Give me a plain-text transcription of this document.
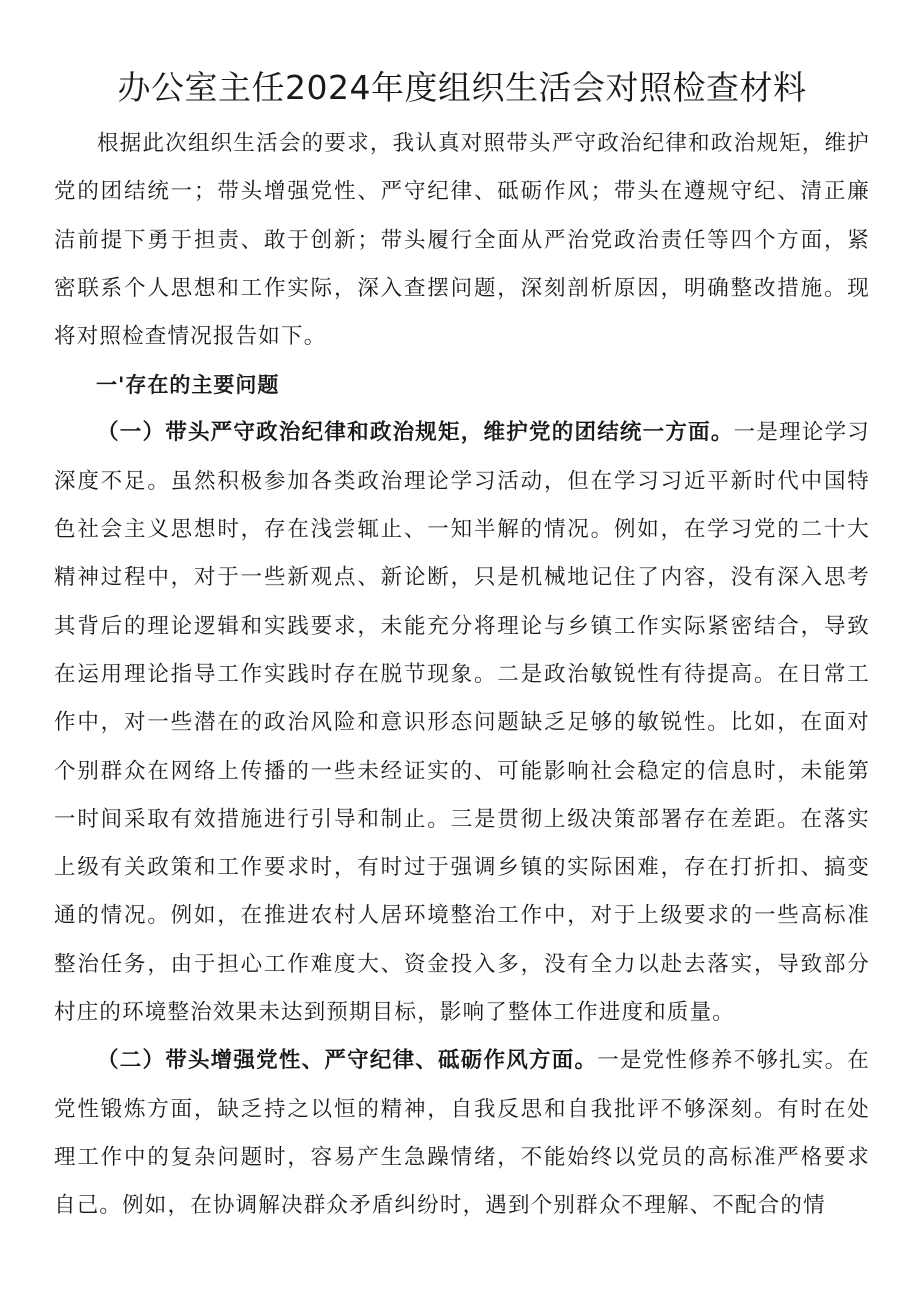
办公室主任2024年度组织生活会对照检查材料

根据此次组织生活会的要求，我认真对照带头严守政治纪律和政治规矩，维护党的团结统一；带头增强党性、严守纪律、砥砺作风；带头在遵规守纪、清正廉洁前提下勇于担责、敢于创新；带头履行全面从严治党政治责任等四个方面，紧密联系个人思想和工作实际，深入查摆问题，深刻剖析原因，明确整改措施。现将对照检查情况报告如下。

一'存在的主要问题

（一）带头严守政治纪律和政治规矩，维护党的团结统一方面。一是理论学习深度不足。虽然积极参加各类政治理论学习活动，但在学习习近平新时代中国特色社会主义思想时，存在浅尝辄止、一知半解的情况。例如，在学习党的二十大精神过程中，对于一些新观点、新论断，只是机械地记住了内容，没有深入思考其背后的理论逻辑和实践要求，未能充分将理论与乡镇工作实际紧密结合，导致在运用理论指导工作实践时存在脱节现象。二是政治敏锐性有待提高。在日常工作中，对一些潜在的政治风险和意识形态问题缺乏足够的敏锐性。比如，在面对个别群众在网络上传播的一些未经证实的、可能影响社会稳定的信息时，未能第一时间采取有效措施进行引导和制止。三是贯彻上级决策部署存在差距。在落实上级有关政策和工作要求时，有时过于强调乡镇的实际困难，存在打折扣、搞变通的情况。例如，在推进农村人居环境整治工作中，对于上级要求的一些高标准整治任务，由于担心工作难度大、资金投入多，没有全力以赴去落实，导致部分村庄的环境整治效果未达到预期目标，影响了整体工作进度和质量。

（二）带头增强党性、严守纪律、砥砺作风方面。一是党性修养不够扎实。在党性锻炼方面，缺乏持之以恒的精神，自我反思和自我批评不够深刻。有时在处理工作中的复杂问题时，容易产生急躁情绪，不能始终以党员的高标准严格要求自己。例如，在协调解决群众矛盾纠纷时，遇到个别群众不理解、不配合的情
